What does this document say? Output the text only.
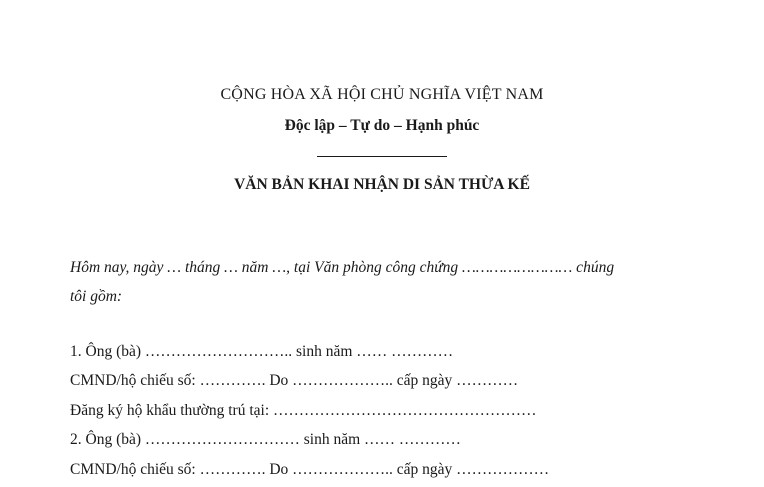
CỘNG HÒA XÃ HỘI CHỦ NGHĨA VIỆT NAM
Độc lập – Tự do – Hạnh phúc
VĂN BẢN KHAI NHẬN DI SẢN THỪA KẾ
Hôm nay, ngày … tháng … năm …, tại Văn phòng công chứng …………………… chúng
tôi gồm:
1. Ông (bà) ……………………….. sinh năm …… …………
CMND/hộ chiếu số: …………. Do ……………….. cấp ngày …………
Đăng ký hộ khẩu thường trú tại: ……………………………………………
2. Ông (bà) ………………………… sinh năm …… …………
CMND/hộ chiếu số: …………. Do ……………….. cấp ngày ………………
